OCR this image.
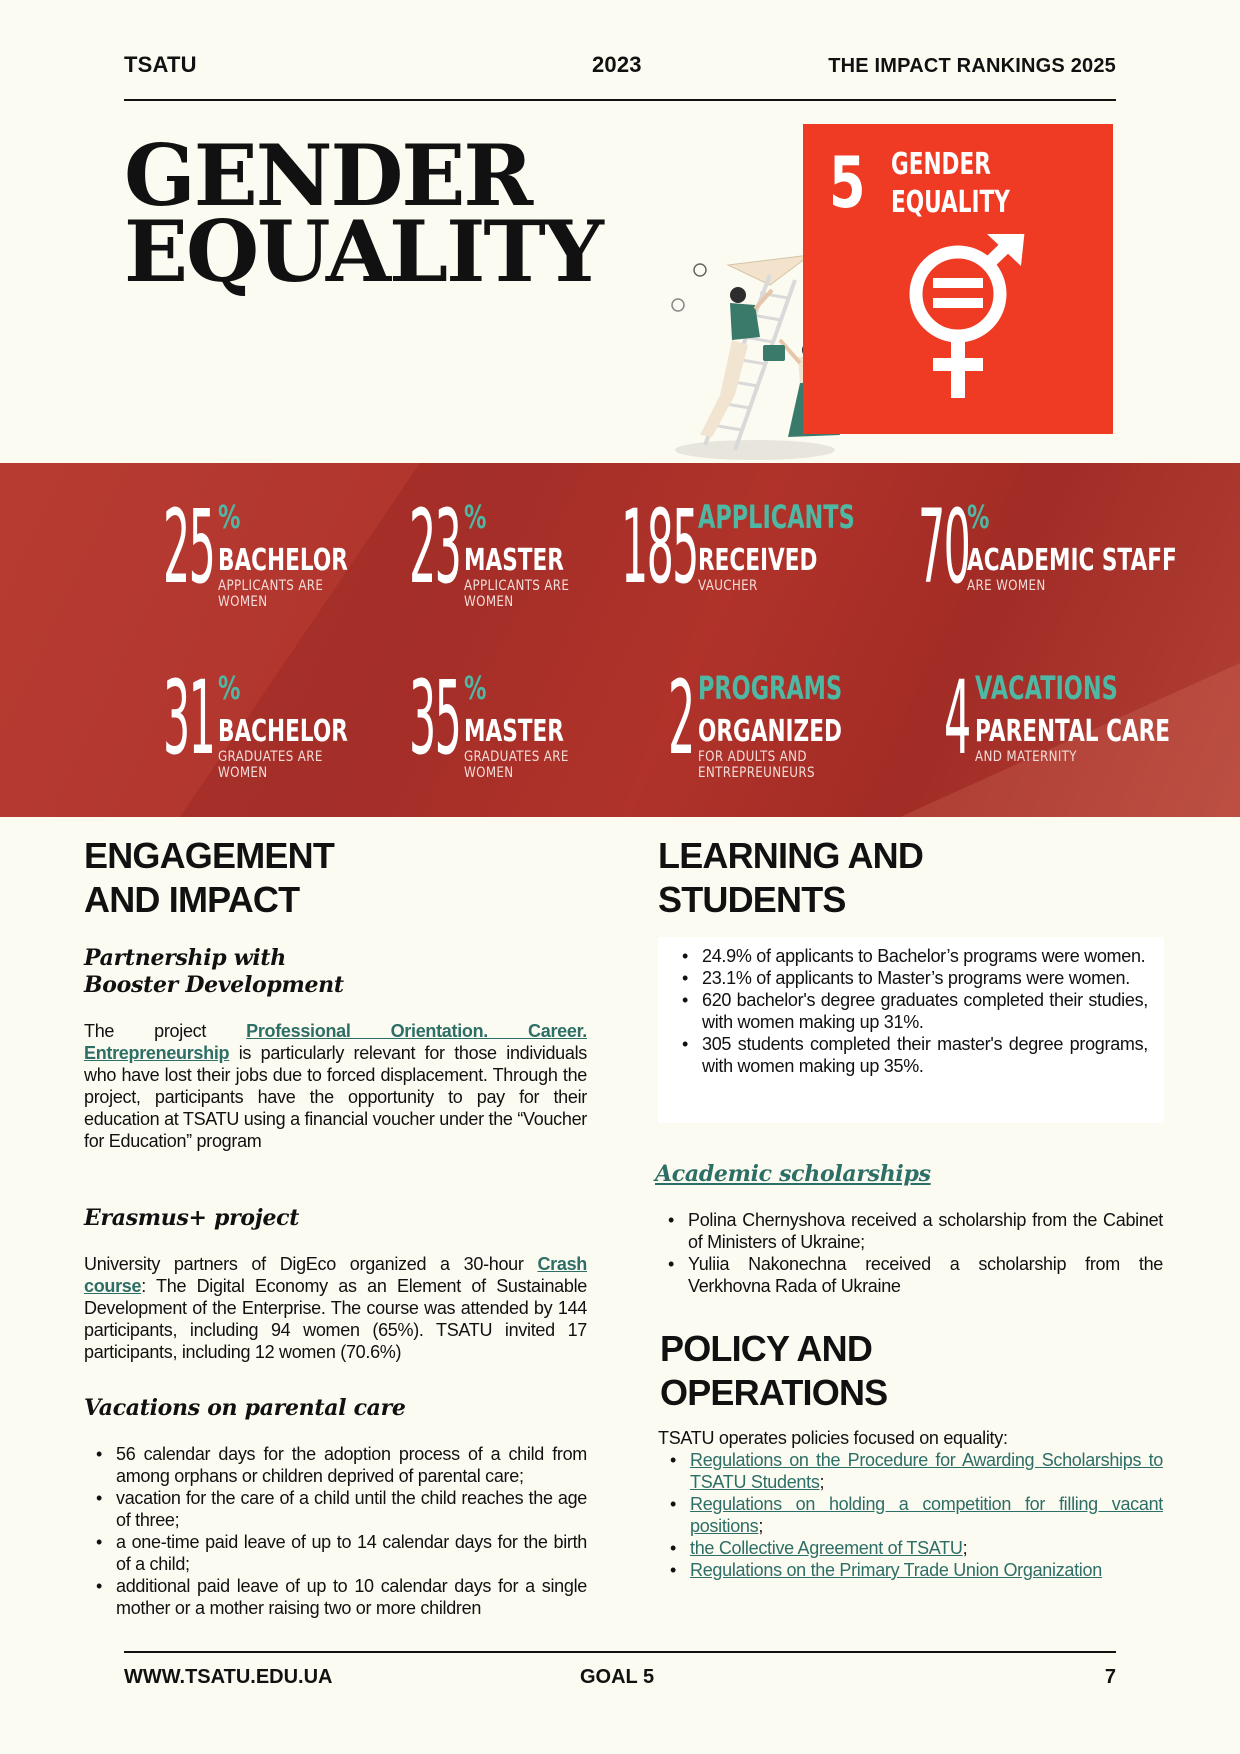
TSATU	2023	THE IMPACT RANKINGS 2025
GENDER
EQUALITY
5 GENDER
EQUALITY
25 %
BACHELOR
APPLICANTS ARE
WOMEN	23 %
MASTER
APPLICANTS ARE
WOMEN	185 APPLICANTS
RECEIVED
VAUCHER	70
%
ACADEMIC STAFF
ARE WOMEN
31 %
BACHELOR
GRADUATES ARE
WOMEN	35 %
MASTER
GRADUATES ARE
WOMEN	2 PROGRAMS
ORGANIZED
FOR ADULTS AND
ENTREPREUNEURS 4 VACATIONS
PARENTAL CARE
AND MATERNITY
ENGAGEMENT
AND IMPACT
Partnership with
Booster Development
The project Professional Orientation. Career. Entrepreneurship is particularly relevant for those individuals who have lost their jobs due to forced displacement. Through the project, participants have the opportunity to pay for their education at TSATU using a financial voucher under the “Voucher for Education” program
Erasmus+ project
University partners of DigEco organized a 30-hour Crash course: The Digital Economy as an Element of Sustainable Development of the Enterprise. The course was attended by 144 participants, including 94 women (65%). TSATU invited 17 participants, including 12 women (70.6%)
Vacations on parental care
• 56 calendar days for the adoption process of a child from among orphans or children deprived of parental care;
• vacation for the care of a child until the child reaches the age of three;
• a one-time paid leave of up to 14 calendar days for the birth of a child;
• additional paid leave of up to 10 calendar days for a single mother or a mother raising two or more children
LEARNING AND
STUDENTS
• 24.9% of applicants to Bachelor’s programs were women.
• 23.1% of applicants to Master’s programs were women.
• 620 bachelor's degree graduates completed their studies, with women making up 31%.
• 305 students completed their master's degree programs, with women making up 35%.
Academic scholarships
• Polina Chernyshova received a scholarship from the Cabinet of Ministers of Ukraine;
• Yuliia Nakonechna received a scholarship from the Verkhovna Rada of Ukraine
POLICY AND
OPERATIONS
TSATU operates policies focused on equality:
• Regulations on the Procedure for Awarding Scholarships to TSATU Students;
• Regulations on holding a competition for filling vacant positions;
• the Collective Agreement of TSATU;
• Regulations on the Primary Trade Union Organization
WWW.TSATU.EDU.UA	GOAL 5	7
